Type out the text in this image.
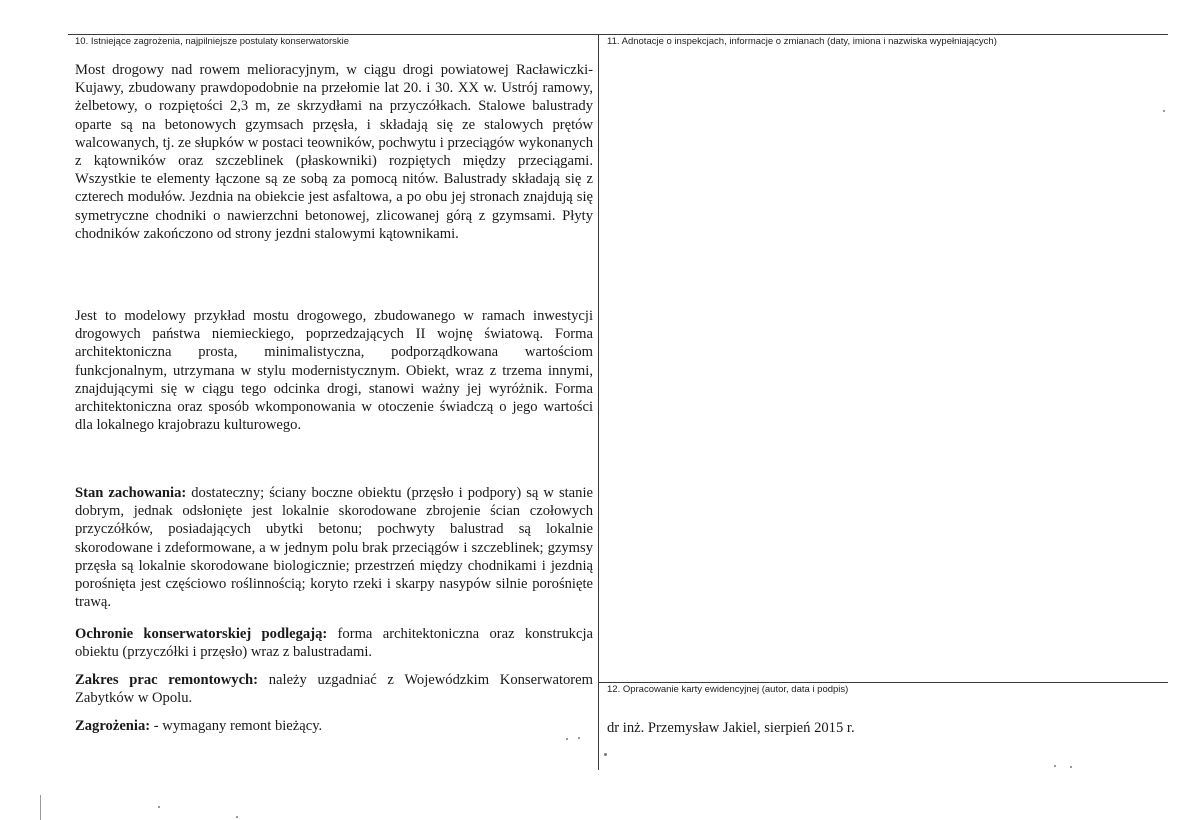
10. Istniejące zagrożenia, najpilniejsze postulaty konserwatorskie	11. Adnotacje o inspekcjach, informacje o zmianach (daty, imiona i nazwiska wypełniających)
12. Opracowanie karty ewidencyjnej (autor, data i podpis)

Most drogowy nad rowem melioracyjnym, w ciągu drogi powiatowej Racławiczki-Kujawy, zbudowany prawdopodobnie na przełomie lat 20. i 30. XX w. Ustrój ramowy, żelbetowy, o rozpiętości 2,3 m, ze skrzydłami na przyczółkach. Stalowe balustrady oparte są na betonowych gzymsach przęsła, i składają się ze stalowych prętów walcowanych, tj. ze słupków w postaci teowników, pochwytu i przeciągów wykonanych z kątowników oraz szczeblinek (płaskowniki) rozpiętych między przeciągami. Wszystkie te elementy łączone są ze sobą za pomocą nitów. Balustrady składają się z czterech modułów. Jezdnia na obiekcie jest asfaltowa, a po obu jej stronach znajdują się symetryczne chodniki o nawierzchni betonowej, zlicowanej górą z gzymsami. Płyty chodników zakończono od strony jezdni stalowymi kątownikami.

Jest to modelowy przykład mostu drogowego, zbudowanego w ramach inwestycji drogowych państwa niemieckiego, poprzedzających II wojnę światową. Forma architektoniczna prosta, minimalistyczna, podporządkowana wartościom funkcjonalnym, utrzymana w stylu modernistycznym. Obiekt, wraz z trzema innymi, znajdującymi się w ciągu tego odcinka drogi, stanowi ważny jej wyróżnik. Forma architektoniczna oraz sposób wkomponowania w otoczenie świadczą o jego wartości dla lokalnego krajobrazu kulturowego.

Stan zachowania: dostateczny; ściany boczne obiektu (przęsło i podpory) są w stanie dobrym, jednak odsłonięte jest lokalnie skorodowane zbrojenie ścian czołowych przyczółków, posiadających ubytki betonu; pochwyty balustrad są lokalnie skorodowane i zdeformowane, a w jednym polu brak przeciągów i szczeblinek; gzymsy przęsła są lokalnie skorodowane biologicznie; przestrzeń między chodnikami i jezdnią porośnięta jest częściowo roślinnością; koryto rzeki i skarpy nasypów silnie porośnięte trawą.

Ochronie konserwatorskiej podlegają: forma architektoniczna oraz konstrukcja obiektu (przyczółki i przęsło) wraz z balustradami.

Zakres prac remontowych: należy uzgadniać z Wojewódzkim Konserwatorem Zabytków w Opolu.

Zagrożenia: - wymagany remont bieżący.	dr inż. Przemysław Jakiel, sierpień 2015 r.
